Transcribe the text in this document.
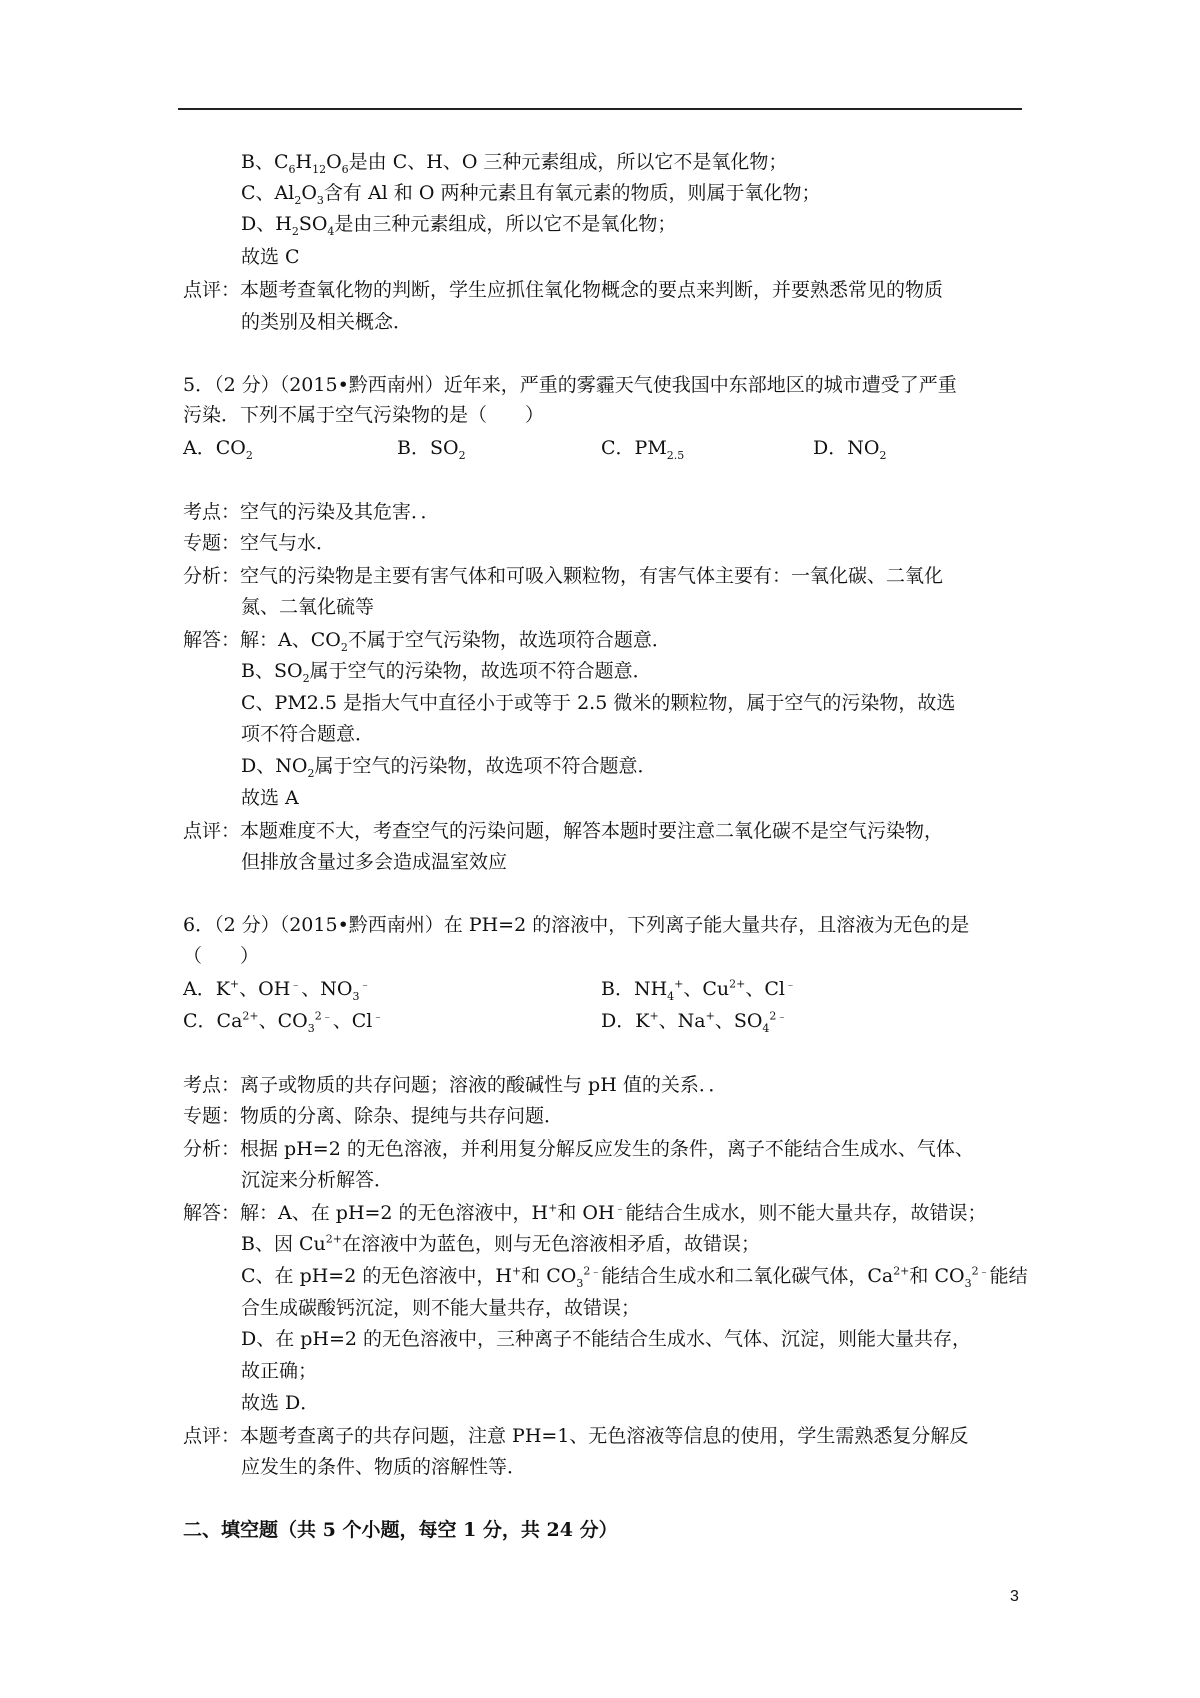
B、$C_6H_{12}O_6$是由 C、H、O 三种元素组成，所以它不是氧化物；
C、$Al_2O_3$含有 Al 和 O 两种元素且有氧元素的物质，则属于氧化物；
D、$H_2SO_4$是由三种元素组成，所以它不是氧化物；
故选 C
点评：本题考查氧化物的判断，学生应抓住氧化物概念的要点来判断，并要熟悉常见的物质
的类别及相关概念．
5．（2 分）（2015•黔西南州）近年来，严重的雾霾天气使我国中东部地区的城市遭受了严重
污染．下列不属于空气污染物的是（　　）
A．$CO_2$	B．$SO_2$	C．$PM_{2.5}$	D．$NO_2$
考点：空气的污染及其危害．．
专题：空气与水．
分析：空气的污染物是主要有害气体和可吸入颗粒物，有害气体主要有：一氧化碳、二氧化
氮、二氧化硫等
解答：解：A、$CO_2$不属于空气污染物，故选项符合题意．
B、$SO_2$属于空气的污染物，故选项不符合题意．
C、PM2.5 是指大气中直径小于或等于 2.5 微米的颗粒物，属于空气的污染物，故选
项不符合题意．
D、$NO_2$属于空气的污染物，故选项不符合题意．
故选 A
点评：本题难度不大，考查空气的污染问题，解答本题时要注意二氧化碳不是空气污染物，
但排放含量过多会造成温室效应
6．（2 分）（2015•黔西南州）在 PH=2 的溶液中，下列离子能大量共存，且溶液为无色的是
（　　）
A．K+、OH﹣、$NO_3^﹣$	B．$NH_4^+$、$Cu^{2+}$、Cl﹣
C．$Ca^{2+}$、$CO_3^{2﹣}$、Cl﹣	D．K+、Na+、$SO_4^{2﹣}$
考点：离子或物质的共存问题；溶液的酸碱性与 pH 值的关系．．
专题：物质的分离、除杂、提纯与共存问题．
分析：根据 pH=2 的无色溶液，并利用复分解反应发生的条件，离子不能结合生成水、气体、
沉淀来分析解答．
解答：解：A、在 pH=2 的无色溶液中，H+和 OH﹣能结合生成水，则不能大量共存，故错误；
B、因 $Cu^{2+}$在溶液中为蓝色，则与无色溶液相矛盾，故错误；
C、在 pH=2 的无色溶液中，H+和 $CO_3^{2﹣}$能结合生成水和二氧化碳气体，$Ca^{2+}$和 $CO_3^{2﹣}$能结
合生成碳酸钙沉淀，则不能大量共存，故错误；
D、在 pH=2 的无色溶液中，三种离子不能结合生成水、气体、沉淀，则能大量共存，
故正确；
故选 D．
点评：本题考查离子的共存问题，注意 PH=1、无色溶液等信息的使用，学生需熟悉复分解反
应发生的条件、物质的溶解性等．
二、填空题（共 5 个小题，每空 1 分，共 24 分）
3
